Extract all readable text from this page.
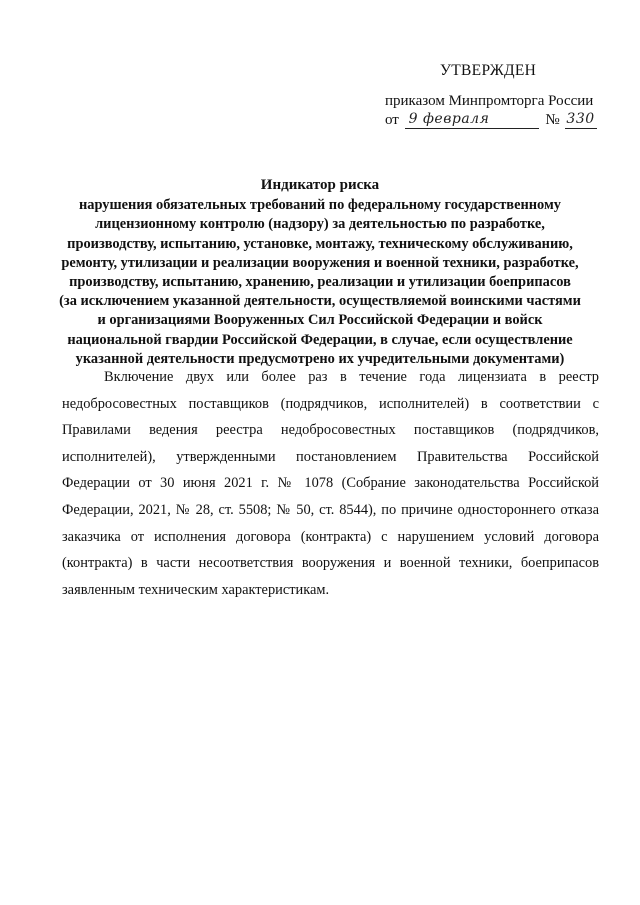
УТВЕРЖДЕН
приказом Минпромторга России
от 9 февраля	№ 330
Индикатор риска
нарушения обязательных требований по федеральному государственному
лицензионному контролю (надзору) за деятельностью по разработке,
производству, испытанию, установке, монтажу, техническому обслуживанию,
ремонту, утилизации и реализации вооружения и военной техники, разработке,
производству, испытанию, хранению, реализации и утилизации боеприпасов
(за исключением указанной деятельности, осуществляемой воинскими частями
и организациями Вооруженных Сил Российской Федерации и войск
национальной гвардии Российской Федерации, в случае, если осуществление
указанной деятельности предусмотрено их учредительными документами)
Включение двух или более раз в течение года лицензиата в реестр недобросовестных поставщиков (подрядчиков, исполнителей) в соответствии с Правилами ведения реестра недобросовестных поставщиков (подрядчиков, исполнителей), утвержденными постановлением Правительства Российской Федерации от 30 июня 2021 г. № 1078 (Собрание законодательства Российской Федерации, 2021, № 28, ст. 5508; № 50, ст. 8544), по причине одностороннего отказа заказчика от исполнения договора (контракта) с нарушением условий договора (контракта) в части несоответствия вооружения и военной техники, боеприпасов заявленным техническим характеристикам.
